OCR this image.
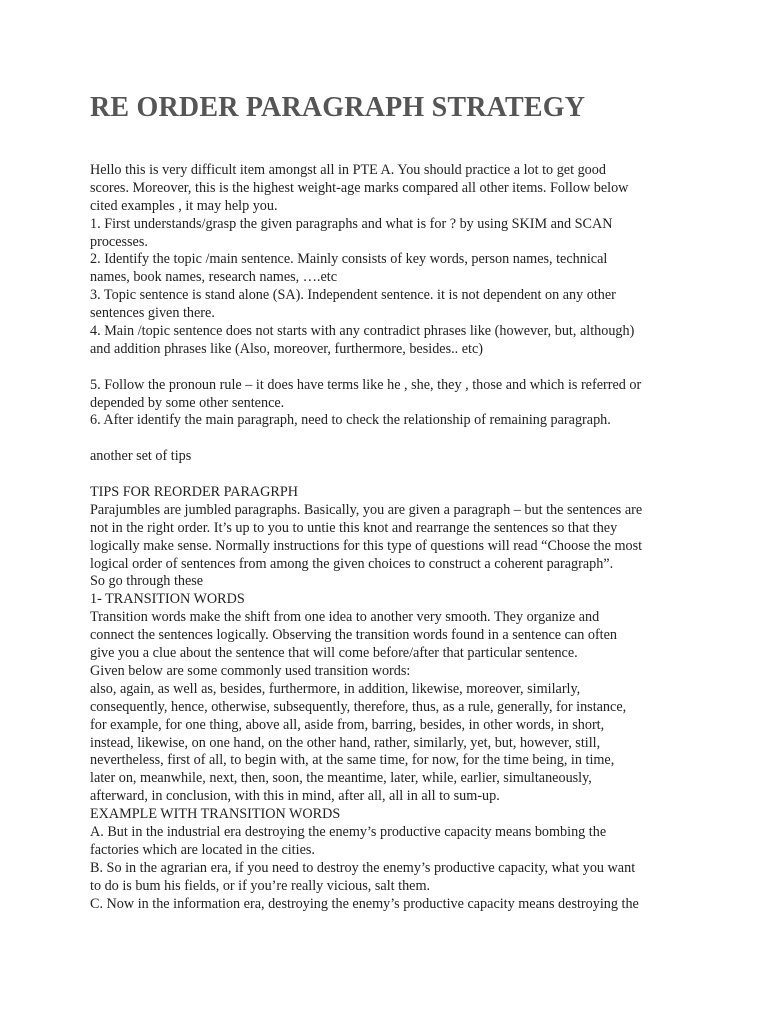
RE ORDER PARAGRAPH STRATEGY
Hello this is very difficult item amongst all in PTE A. You should practice a lot to get good
scores. Moreover, this is the highest weight-age marks compared all other items. Follow below
cited examples , it may help you.
1. First understands/grasp the given paragraphs and what is for ? by using SKIM and SCAN
processes.
2. Identify the topic /main sentence. Mainly consists of key words, person names, technical
names, book names, research names, ….etc
3. Topic sentence is stand alone (SA). Independent sentence. it is not dependent on any other
sentences given there.
4. Main /topic sentence does not starts with any contradict phrases like (however, but, although)
and addition phrases like (Also, moreover, furthermore, besides.. etc)
5. Follow the pronoun rule – it does have terms like he , she, they , those and which is referred or
depended by some other sentence.
6. After identify the main paragraph, need to check the relationship of remaining paragraph.
another set of tips
TIPS FOR REORDER PARAGRPH
Parajumbles are jumbled paragraphs. Basically, you are given a paragraph – but the sentences are
not in the right order. It’s up to you to untie this knot and rearrange the sentences so that they
logically make sense. Normally instructions for this type of questions will read “Choose the most
logical order of sentences from among the given choices to construct a coherent paragraph”.
So go through these
1- TRANSITION WORDS
Transition words make the shift from one idea to another very smooth. They organize and
connect the sentences logically. Observing the transition words found in a sentence can often
give you a clue about the sentence that will come before/after that particular sentence.
Given below are some commonly used transition words:
also, again, as well as, besides, furthermore, in addition, likewise, moreover, similarly,
consequently, hence, otherwise, subsequently, therefore, thus, as a rule, generally, for instance,
for example, for one thing, above all, aside from, barring, besides, in other words, in short,
instead, likewise, on one hand, on the other hand, rather, similarly, yet, but, however, still,
nevertheless, first of all, to begin with, at the same time, for now, for the time being, in time,
later on, meanwhile, next, then, soon, the meantime, later, while, earlier, simultaneously,
afterward, in conclusion, with this in mind, after all, all in all to sum-up.
EXAMPLE WITH TRANSITION WORDS
A. But in the industrial era destroying the enemy’s productive capacity means bombing the
factories which are located in the cities.
B. So in the agrarian era, if you need to destroy the enemy’s productive capacity, what you want
to do is bum his fields, or if you’re really vicious, salt them.
C. Now in the information era, destroying the enemy’s productive capacity means destroying the
